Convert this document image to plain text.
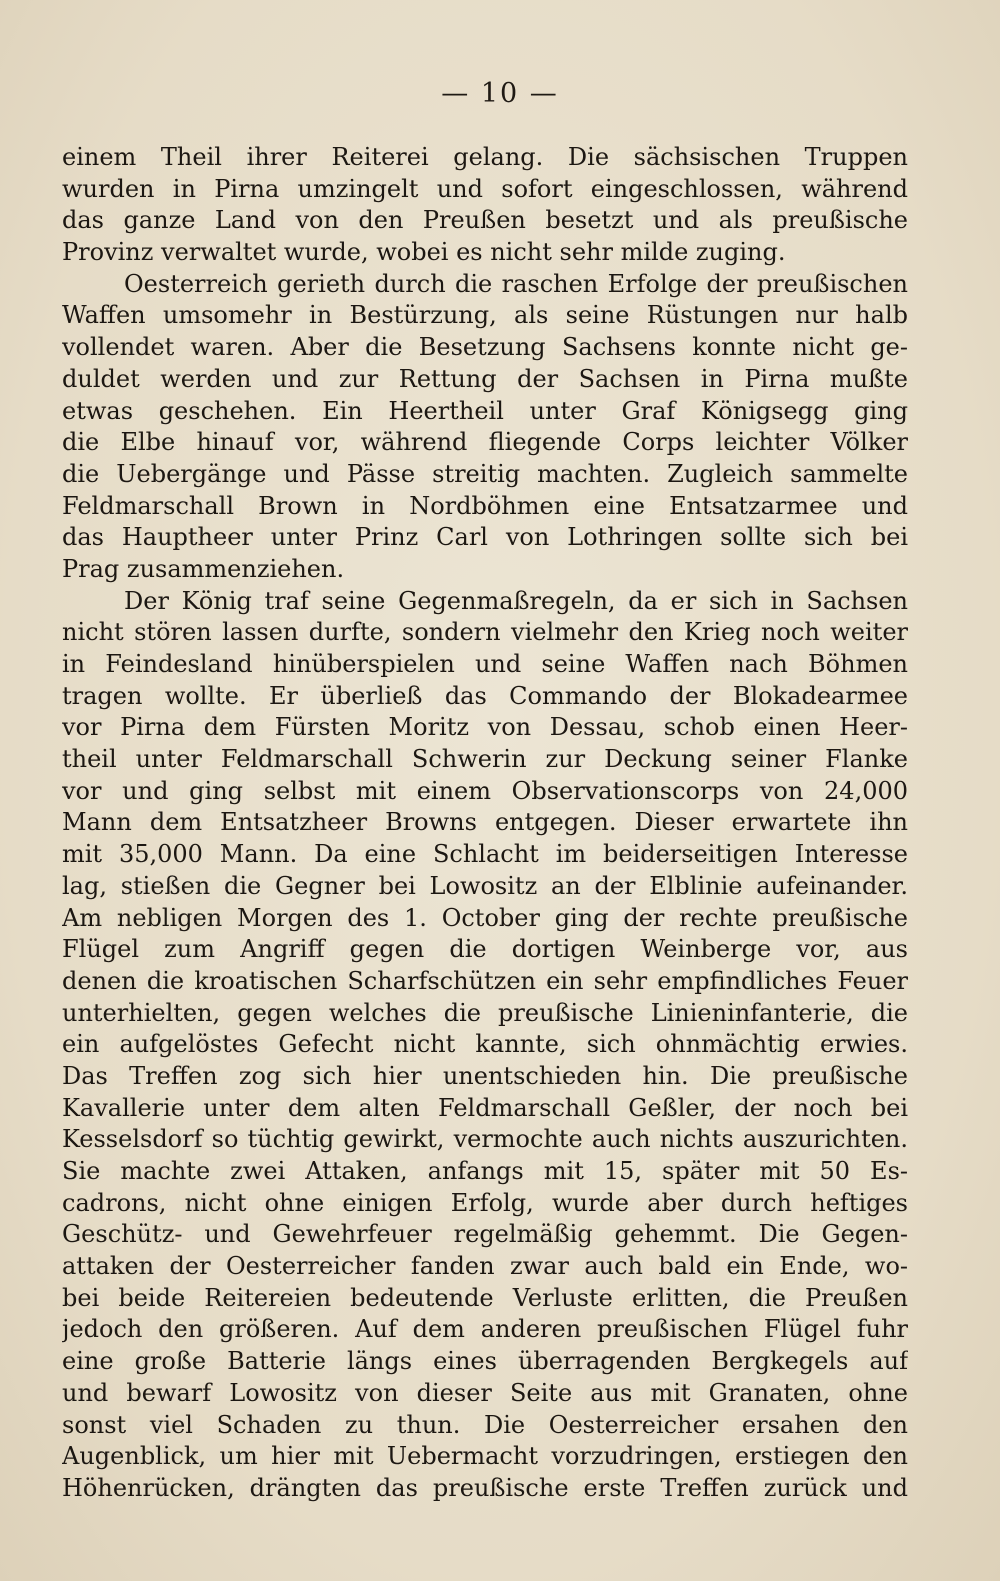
— 10 —
einem Theil ihrer Reiterei gelang. Die sächsischen Truppen
wurden in Pirna umzingelt und sofort eingeschlossen, während
das ganze Land von den Preußen besetzt und als preußische
Provinz verwaltet wurde, wobei es nicht sehr milde zuging.
Oesterreich gerieth durch die raschen Erfolge der preußischen
Waffen umsomehr in Bestürzung, als seine Rüstungen nur halb
vollendet waren. Aber die Besetzung Sachsens konnte nicht ge-
duldet werden und zur Rettung der Sachsen in Pirna mußte
etwas geschehen. Ein Heertheil unter Graf Königsegg ging
die Elbe hinauf vor, während fliegende Corps leichter Völker
die Uebergänge und Pässe streitig machten. Zugleich sammelte
Feldmarschall Brown in Nordböhmen eine Entsatzarmee und
das Hauptheer unter Prinz Carl von Lothringen sollte sich bei
Prag zusammenziehen.
Der König traf seine Gegenmaßregeln, da er sich in Sachsen
nicht stören lassen durfte, sondern vielmehr den Krieg noch weiter
in Feindesland hinüberspielen und seine Waffen nach Böhmen
tragen wollte. Er überließ das Commando der Blokadearmee
vor Pirna dem Fürsten Moritz von Dessau, schob einen Heer-
theil unter Feldmarschall Schwerin zur Deckung seiner Flanke
vor und ging selbst mit einem Observationscorps von 24,000
Mann dem Entsatzheer Browns entgegen. Dieser erwartete ihn
mit 35,000 Mann. Da eine Schlacht im beiderseitigen Interesse
lag, stießen die Gegner bei Lowositz an der Elblinie aufeinander.
Am nebligen Morgen des 1. October ging der rechte preußische
Flügel zum Angriff gegen die dortigen Weinberge vor, aus
denen die kroatischen Scharfschützen ein sehr empfindliches Feuer
unterhielten, gegen welches die preußische Linieninfanterie, die
ein aufgelöstes Gefecht nicht kannte, sich ohnmächtig erwies.
Das Treffen zog sich hier unentschieden hin. Die preußische
Kavallerie unter dem alten Feldmarschall Geßler, der noch bei
Kesselsdorf so tüchtig gewirkt, vermochte auch nichts auszurichten.
Sie machte zwei Attaken, anfangs mit 15, später mit 50 Es-
cadrons, nicht ohne einigen Erfolg, wurde aber durch heftiges
Geschütz- und Gewehrfeuer regelmäßig gehemmt. Die Gegen-
attaken der Oesterreicher fanden zwar auch bald ein Ende, wo-
bei beide Reitereien bedeutende Verluste erlitten, die Preußen
jedoch den größeren. Auf dem anderen preußischen Flügel fuhr
eine große Batterie längs eines überragenden Bergkegels auf
und bewarf Lowositz von dieser Seite aus mit Granaten, ohne
sonst viel Schaden zu thun. Die Oesterreicher ersahen den
Augenblick, um hier mit Uebermacht vorzudringen, erstiegen den
Höhenrücken, drängten das preußische erste Treffen zurück und
